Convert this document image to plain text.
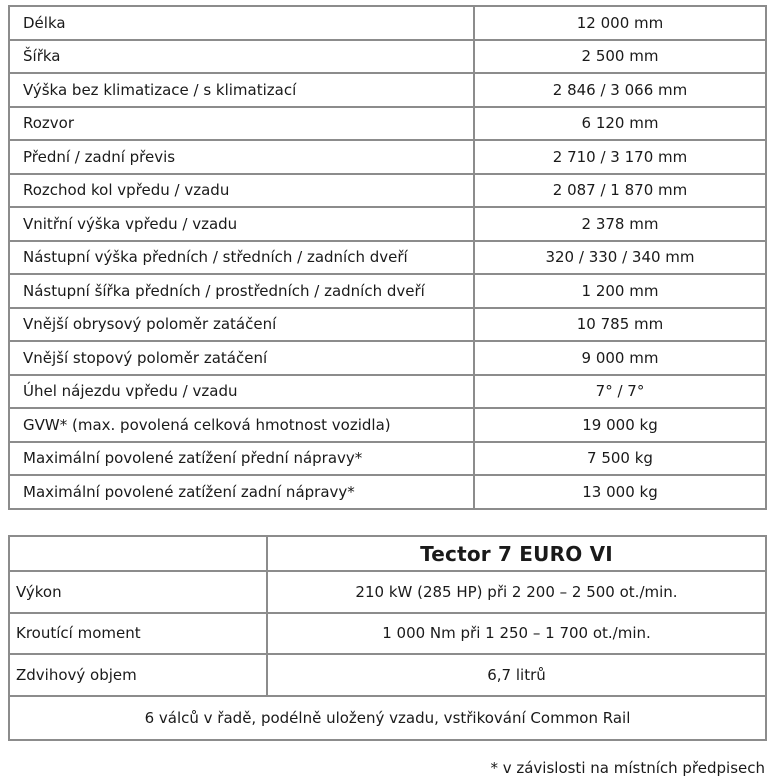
Délka	12 000 mm
Šířka	2 500 mm
Výška bez klimatizace / s klimatizací	2 846 / 3 066 mm
Rozvor	6 120 mm
Přední / zadní převis	2 710 / 3 170 mm
Rozchod kol vpředu / vzadu	2 087 / 1 870 mm
Vnitřní výška vpředu / vzadu	2 378 mm
Nástupní výška předních / středních / zadních dveří	320 / 330 / 340 mm
Nástupní šířka předních / prostředních / zadních dveří	1 200 mm
Vnější obrysový poloměr zatáčení	10 785 mm
Vnější stopový poloměr zatáčení	9 000 mm
Úhel nájezdu vpředu / vzadu	7° / 7°
GVW* (max. povolená celková hmotnost vozidla)	19 000 kg
Maximální povolené zatížení přední nápravy*	7 500 kg
Maximální povolené zatížení zadní nápravy*	13 000 kg
	Tector 7 EURO VI
Výkon	210 kW (285 HP) při 2 200 – 2 500 ot./min.
Kroutící moment	1 000 Nm při 1 250 – 1 700 ot./min.
Zdvihový objem	6,7 litrů
6 válců v řadě, podélně uložený vzadu, vstřikování Common Rail	
* v závislosti na místních předpisech
